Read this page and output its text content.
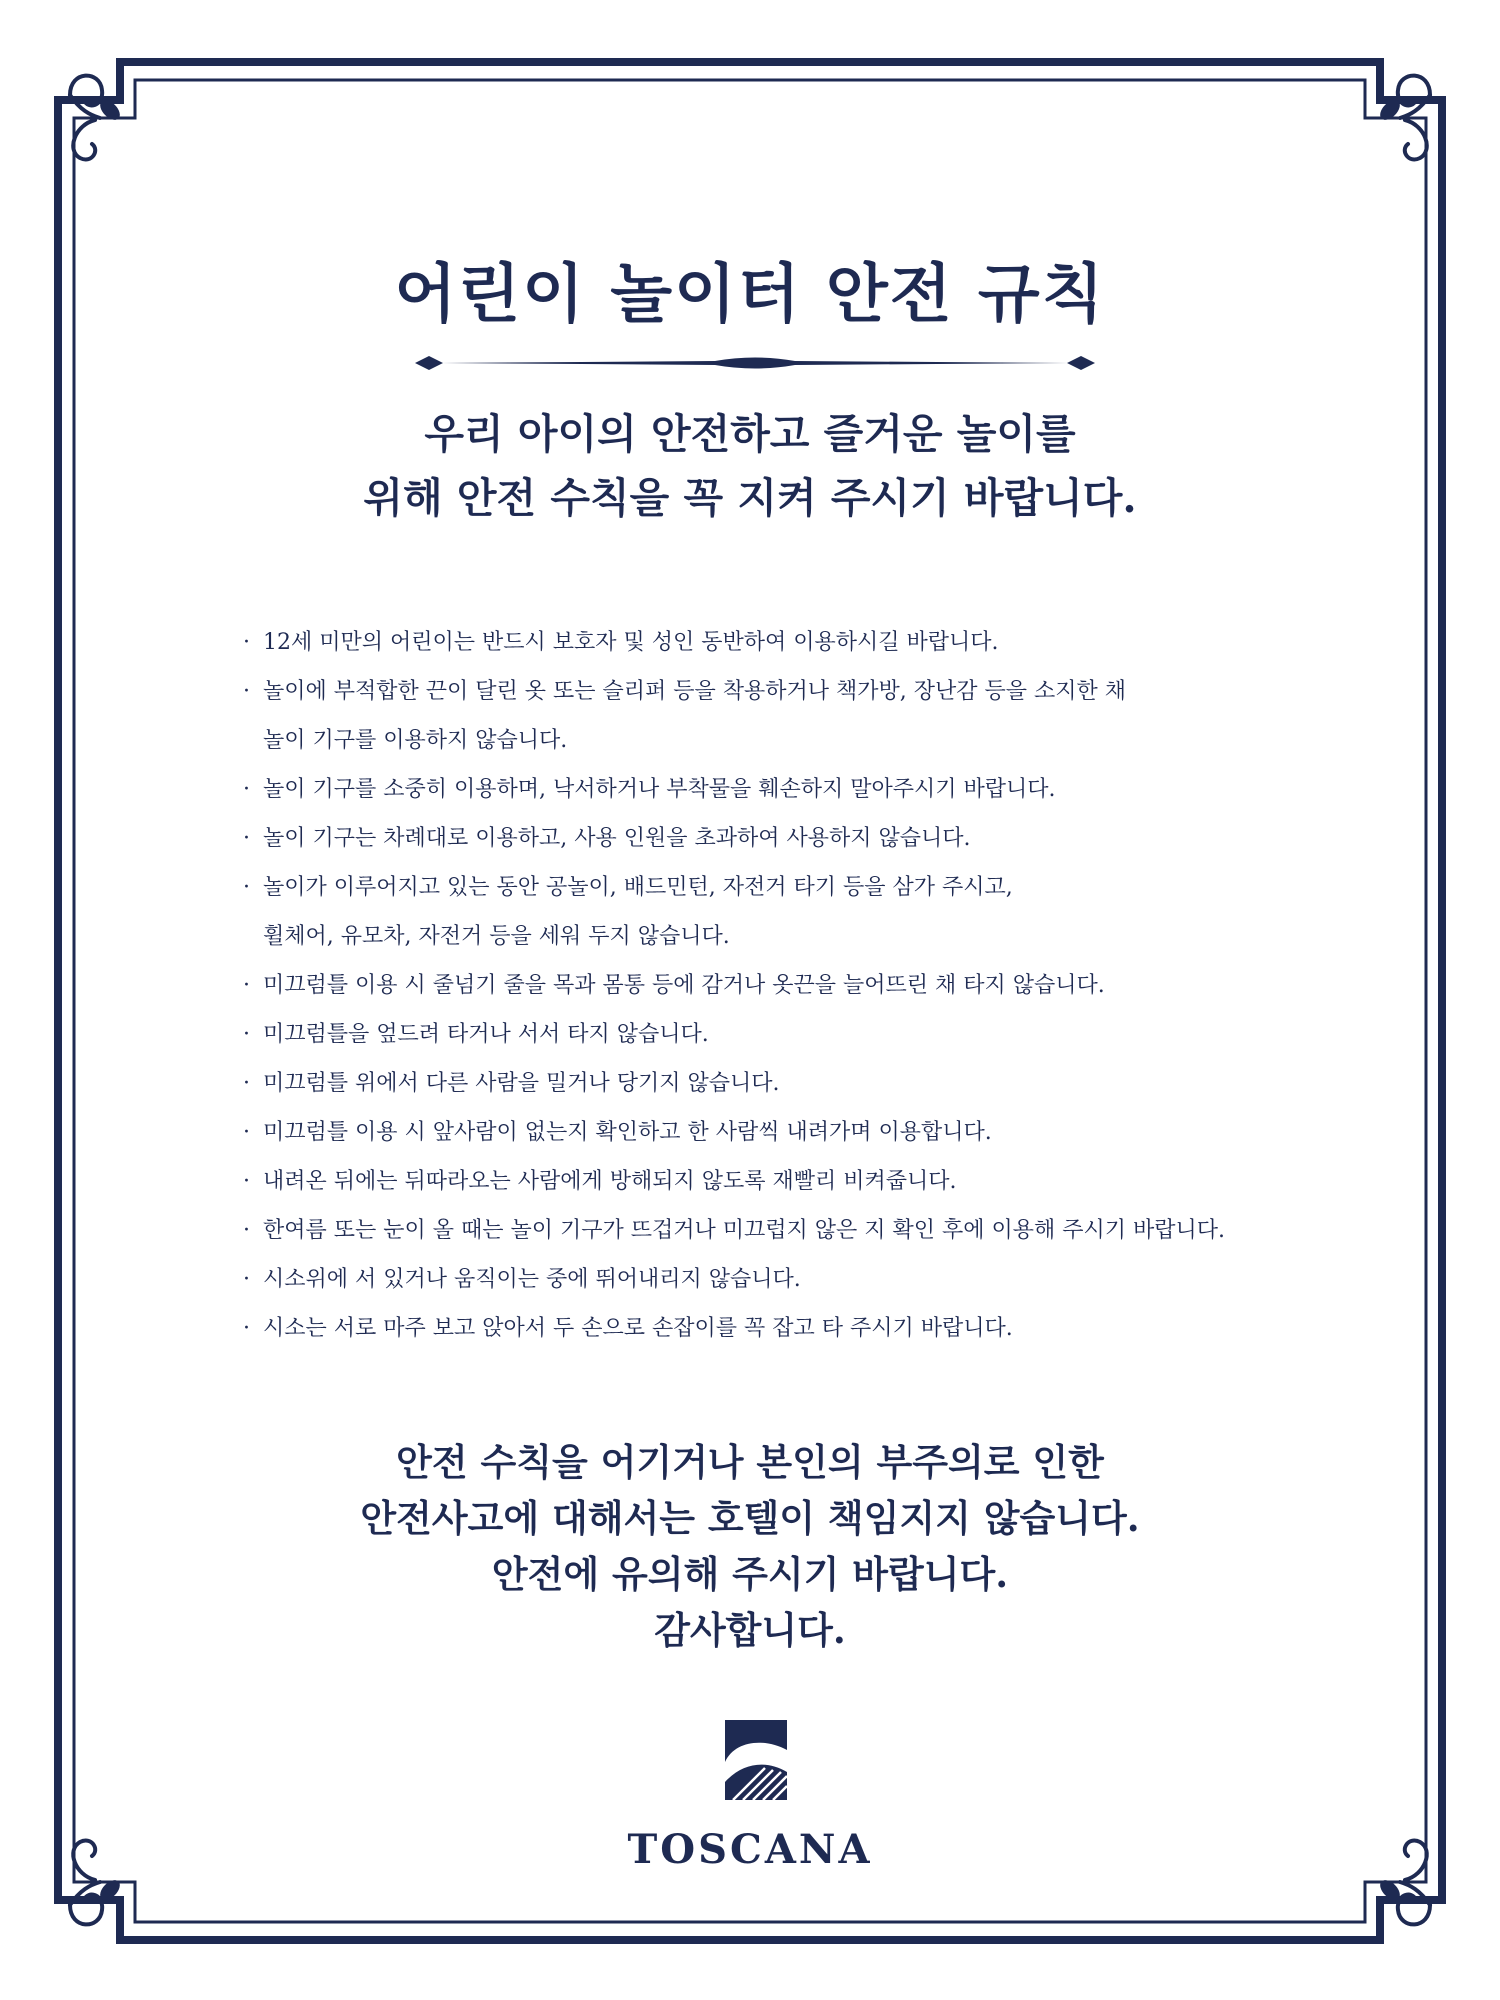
어린이 놀이터 안전 규칙
우리 아이의 안전하고 즐거운 놀이를
위해 안전 수칙을 꼭 지켜 주시기 바랍니다.
· 12세 미만의 어린이는 반드시 보호자 및 성인 동반하여 이용하시길 바랍니다.
· 놀이에 부적합한 끈이 달린 옷 또는 슬리퍼 등을 착용하거나 책가방, 장난감 등을 소지한 채
놀이 기구를 이용하지 않습니다.
· 놀이 기구를 소중히 이용하며, 낙서하거나 부착물을 훼손하지 말아주시기 바랍니다.
· 놀이 기구는 차례대로 이용하고, 사용 인원을 초과하여 사용하지 않습니다.
· 놀이가 이루어지고 있는 동안 공놀이, 배드민턴, 자전거 타기 등을 삼가 주시고,
휠체어, 유모차, 자전거 등을 세워 두지 않습니다.
· 미끄럼틀 이용 시 줄넘기 줄을 목과 몸통 등에 감거나 옷끈을 늘어뜨린 채 타지 않습니다.
· 미끄럼틀을 엎드려 타거나 서서 타지 않습니다.
· 미끄럼틀 위에서 다른 사람을 밀거나 당기지 않습니다.
· 미끄럼틀 이용 시 앞사람이 없는지 확인하고 한 사람씩 내려가며 이용합니다.
· 내려온 뒤에는 뒤따라오는 사람에게 방해되지 않도록 재빨리 비켜줍니다.
· 한여름 또는 눈이 올 때는 놀이 기구가 뜨겁거나 미끄럽지 않은 지 확인 후에 이용해 주시기 바랍니다.
· 시소위에 서 있거나 움직이는 중에 뛰어내리지 않습니다.
· 시소는 서로 마주 보고 앉아서 두 손으로 손잡이를 꼭 잡고 타 주시기 바랍니다.
안전 수칙을 어기거나 본인의 부주의로 인한
안전사고에 대해서는 호텔이 책임지지 않습니다.
안전에 유의해 주시기 바랍니다.
감사합니다.
TOSCANA
